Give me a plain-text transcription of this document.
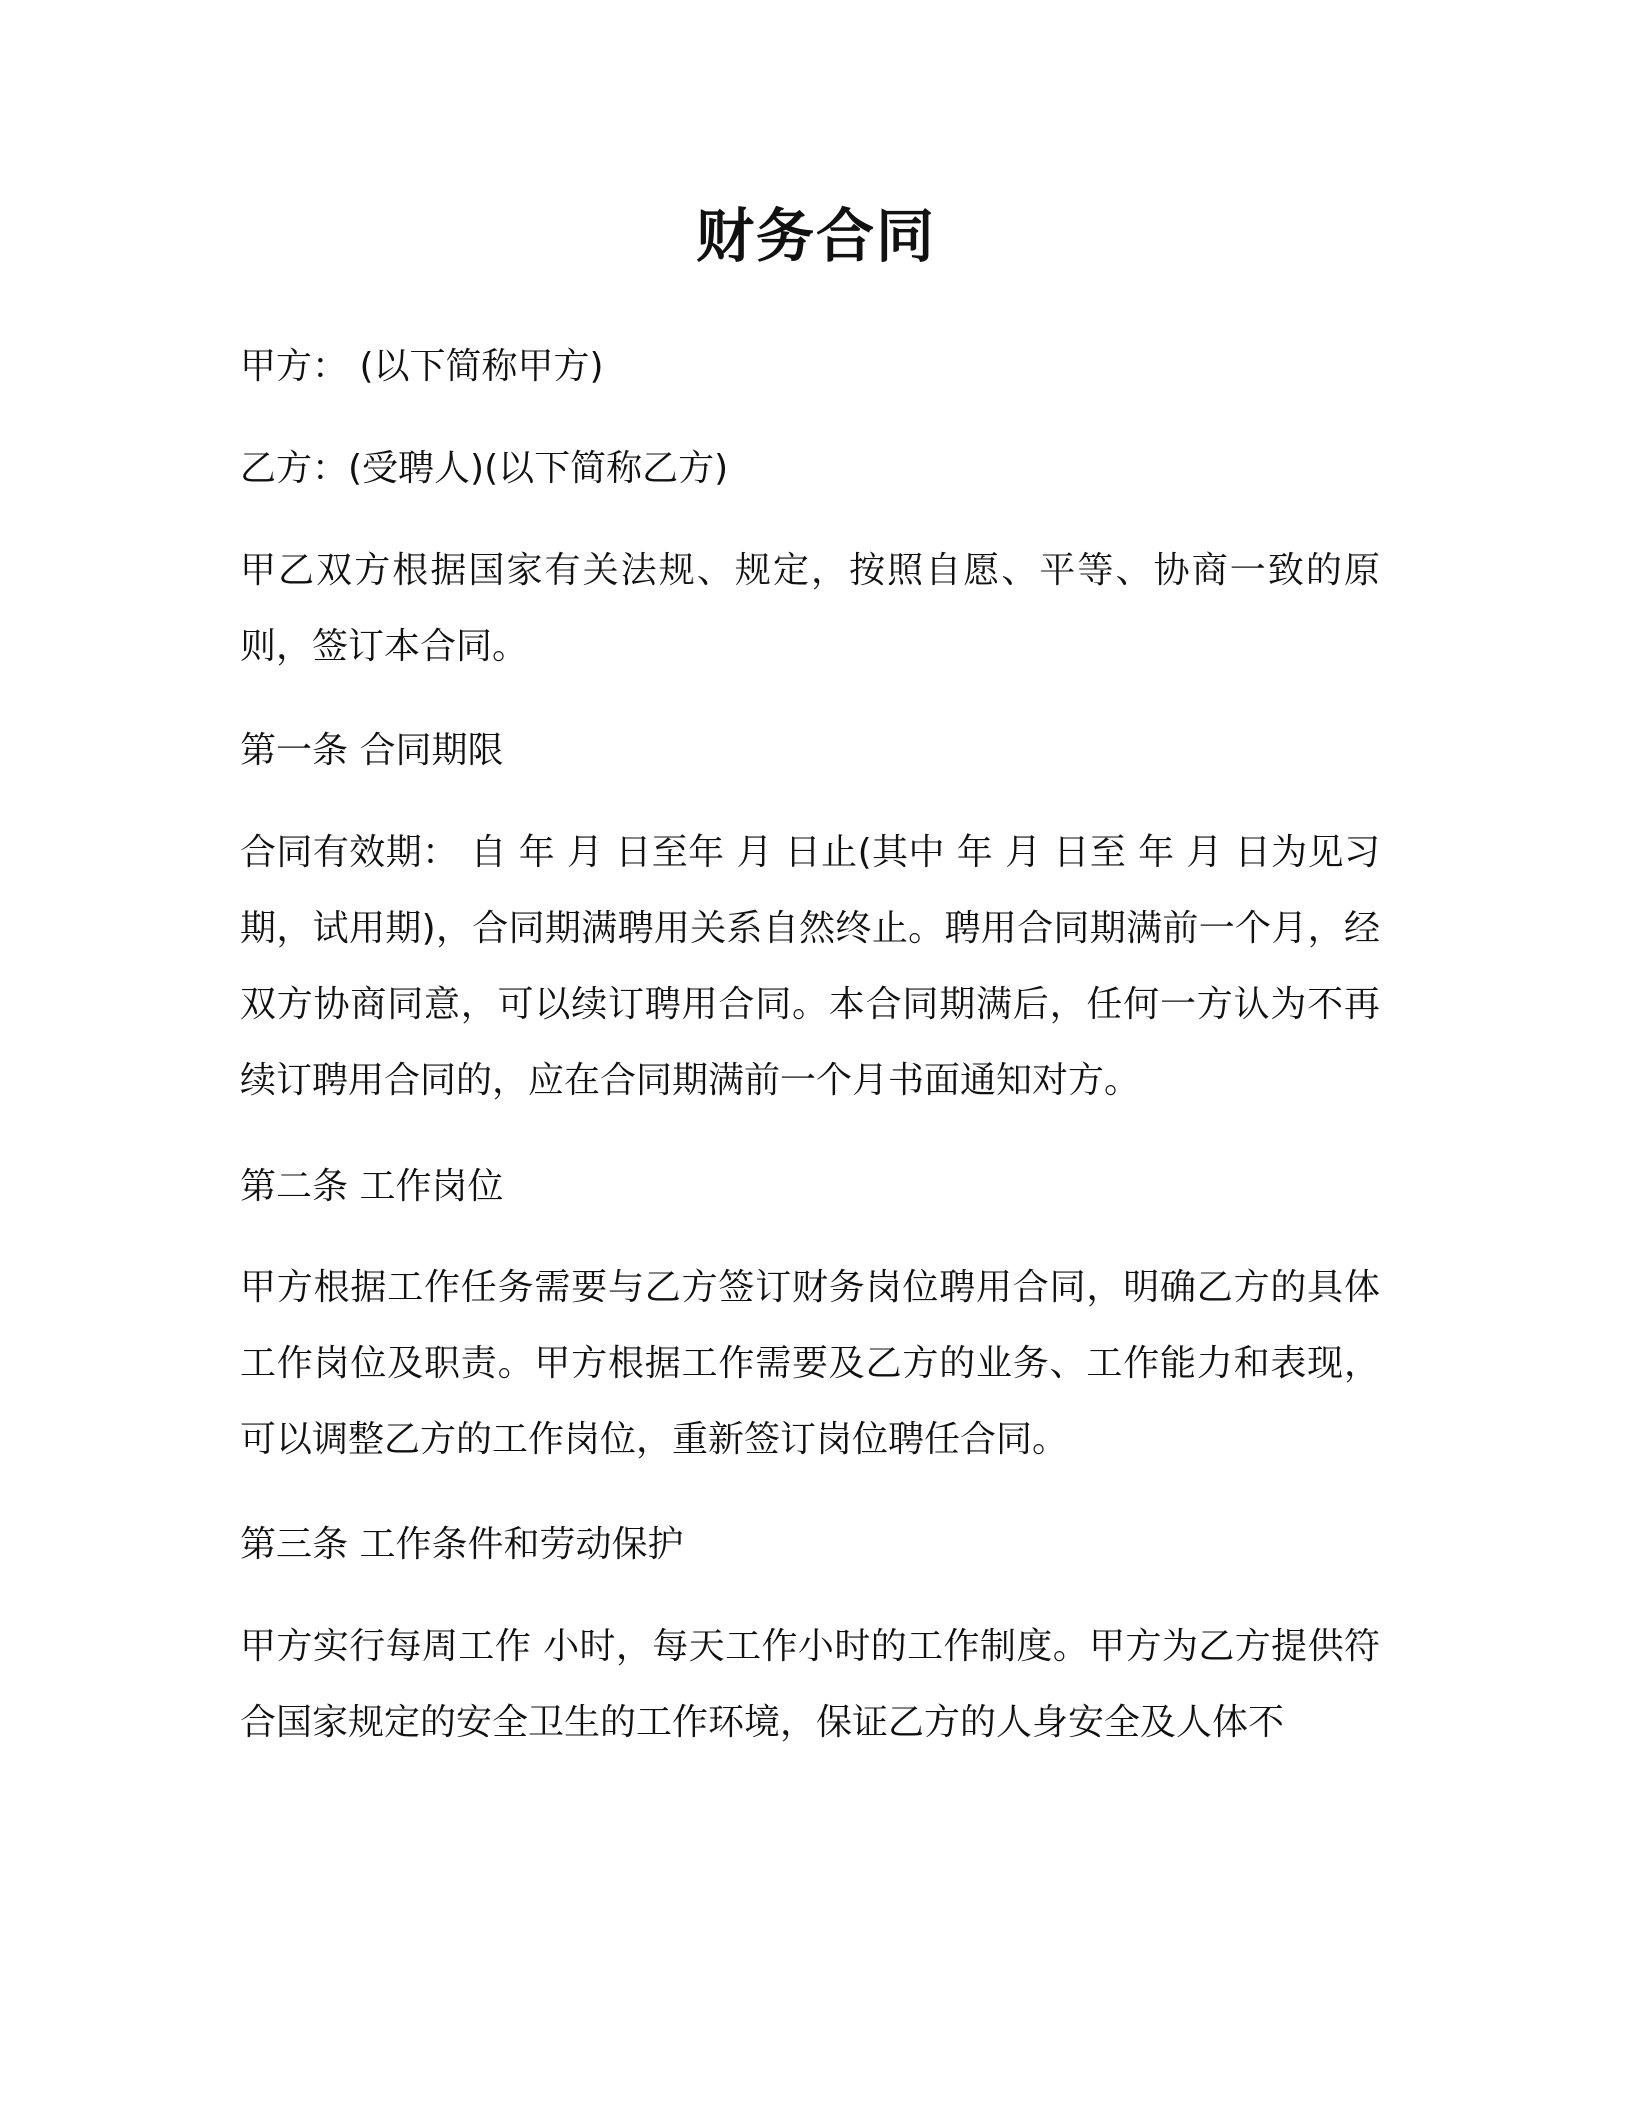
财务合同

甲方： (以下简称甲方)

乙方：(受聘人)(以下简称乙方)

甲乙双方根据国家有关法规、规定，按照自愿、平等、协商一致的原则，签订本合同。

第一条 合同期限

合同有效期： 自 年 月 日至年 月 日止(其中 年 月 日至 年 月 日为见习期，试用期)，合同期满聘用关系自然终止。聘用合同期满前一个月，经双方协商同意，可以续订聘用合同。本合同期满后，任何一方认为不再续订聘用合同的，应在合同期满前一个月书面通知对方。

第二条 工作岗位

甲方根据工作任务需要与乙方签订财务岗位聘用合同，明确乙方的具体工作岗位及职责。甲方根据工作需要及乙方的业务、工作能力和表现，可以调整乙方的工作岗位，重新签订岗位聘任合同。

第三条 工作条件和劳动保护

甲方实行每周工作 小时，每天工作小时的工作制度。甲方为乙方提供符合国家规定的安全卫生的工作环境，保证乙方的人身安全及人体不
